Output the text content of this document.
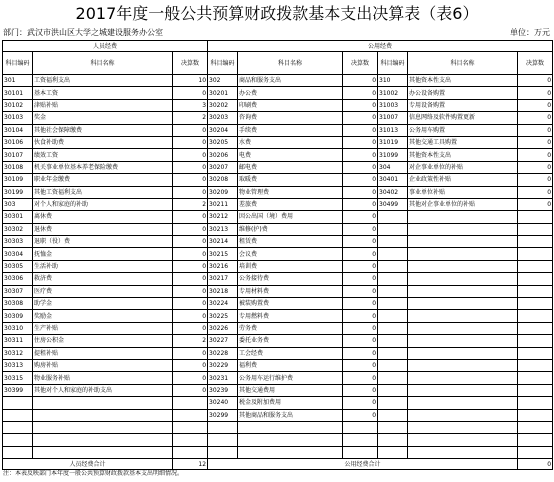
2017年度一般公共预算财政拨款基本支出决算表（表6）
部门：武汉市洪山区大学之城建设服务办公室	单位：万元
人员经费			公用经费					
科目编码	科目名称	决算数	科目编码	科目名称	决算数	科目编码	科目名称	决算数
301	工资福利支出	10	302	商品和服务支出	0	310	其他资本性支出	0
30101	基本工资	0	30201	办公费	0	31002	办公设备购置	0
30102	津贴补贴	3	30202	印刷费	0	31003	专用设备购置	0
30103	奖金	2	30203	咨询费	0	31007	信息网络及软件购置更新	0
30104	其他社会保障缴费	0	30204	手续费	0	31013	公务用车购置	0
30106	伙食补助费	0	30205	水费	0	31019	其他交通工具购置	0
30107	绩效工资	0	30206	电费	0	31099	其他资本性支出	0
30108	机关事业单位基本养老保险缴费	0	30207	邮电费	0	304	对企事业单位的补贴	0
30109	职业年金缴费	0	30208	取暖费	0	30401	企业政策性补贴	0
30199	其他工资福利支出	0	30209	物业管理费	0	30402	事业单位补贴	0
303	对个人和家庭的补助	2	30211	差旅费	0	30499	其他对企事业单位的补贴	0
30301	离休费	0	30212	因公出国（境）费用	0			
30302	退休费	0	30213	维修(护)费	0			
30303	退职（役）费	0	30214	租赁费	0			
30304	抚恤金	0	30215	会议费	0			
30305	生活补助	0	30216	培训费	0			
30306	救济费	0	30217	公务接待费	0			
30307	医疗费	0	30218	专用材料费	0			
30308	助学金	0	30224	被装购置费	0			
30309	奖励金	0	30225	专用燃料费	0			
30310	生产补贴	0	30226	劳务费	0			
30311	住房公积金	2	30227	委托业务费	0			
30312	提租补贴	0	30228	工会经费	0			
30313	购房补贴	0	30229	福利费	0			
30315	物业服务补贴	0	30231	公务用车运行维护费	0			
30399	其他对个人和家庭的补助支出	0	30239	其他交通费用	0			
			30240	税金及附加费用	0			
			30299	其他商品和服务支出	0			

人员经费合计		12	公用经费合计					0
注：本表反映部门本年度一般公共预算财政拨款基本支出明细情况。
